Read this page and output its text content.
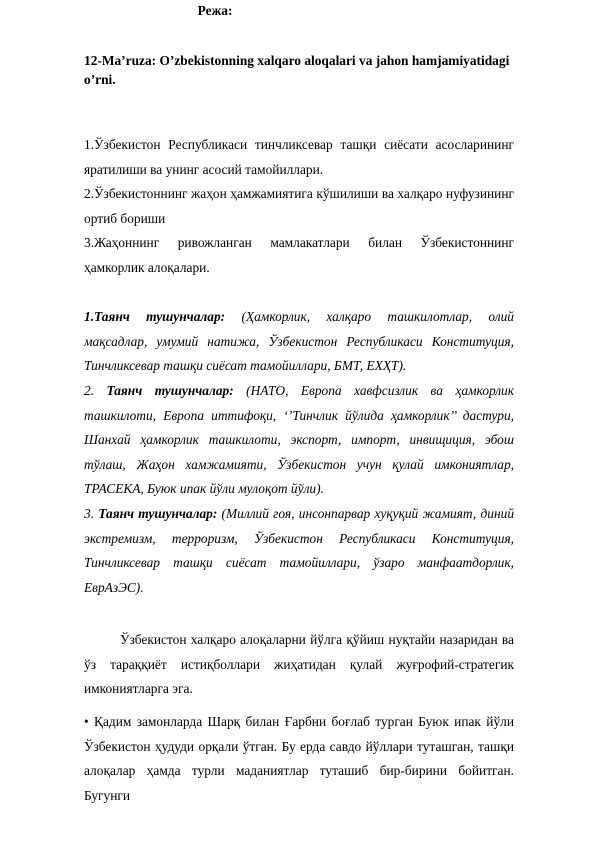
12-Ma’ruza: O’zbekistonning xalqaro aloqalari va jahon hamjamiyatidagi
o’rni.
Режа:
1.Ўзбекистон Республикаси тинчликсевар ташқи сиёсати асосларининг яратилиши ва унинг асосий тамойиллари.
2.Ўзбекистоннинг жаҳон ҳамжамиятига кўшилиши ва халқаро нуфузининг ортиб бориши
3.Жаҳоннинг ривожланган мамлакатлари билан Ўзбекистоннинг ҳамкорлик алоқалари.
1.Таянч тушунчалар: (Ҳамкорлик, халқаро ташкилотлар, олий мақсадлар, умумий натижа, Ўзбекистон Республикаси Конституция, Тинчликсевар ташқи сиёсат тамойиллари, БМТ, ЕХҲТ).
2. Таянч тушунчалар: (НАТО, Европа хавфсизлик ва ҳамкорлик ташкилоти, Европа иттифоқи, ‘’Тинчлик йўлида ҳамкорлик’’ дастури, Шанхай ҳамкорлик ташкилоти, экспорт, импорт, инвищиция, эбош тўлаш, Жаҳон хамжамияти, Ўзбекистон учун қулай имкониятлар, ТРАСЕКА, Буюк ипак йўли мулоқот йўли).
3. Таянч тушунчалар: (Миллий гоя, инсонпарвар хуқуқий жамият, диний экстремизм, терроризм, Ўзбекистон Республикаси Конституция, Тинчликсевар ташқи сиёсат тамойиллари, ўзаро манфаатдорлик, ЕврАзЭС).
Ўзбекистон халқаро алоқаларни йўлга қўйиш нуқтайи назаридан ва ўз тараққиёт истиқболлари жиҳатидан қулай жуғрофий-стратегик имкониятларга эга.
• Қадим замонларда Шарқ билан Ғарбни боғлаб турган Буюк ипак йўли Ўзбекистон ҳудуди орқали ўтган. Бу ерда савдо йўллари туташган, ташқи алоқалар ҳамда турли маданиятлар туташиб бир-бирини бойитган. Бугунги
